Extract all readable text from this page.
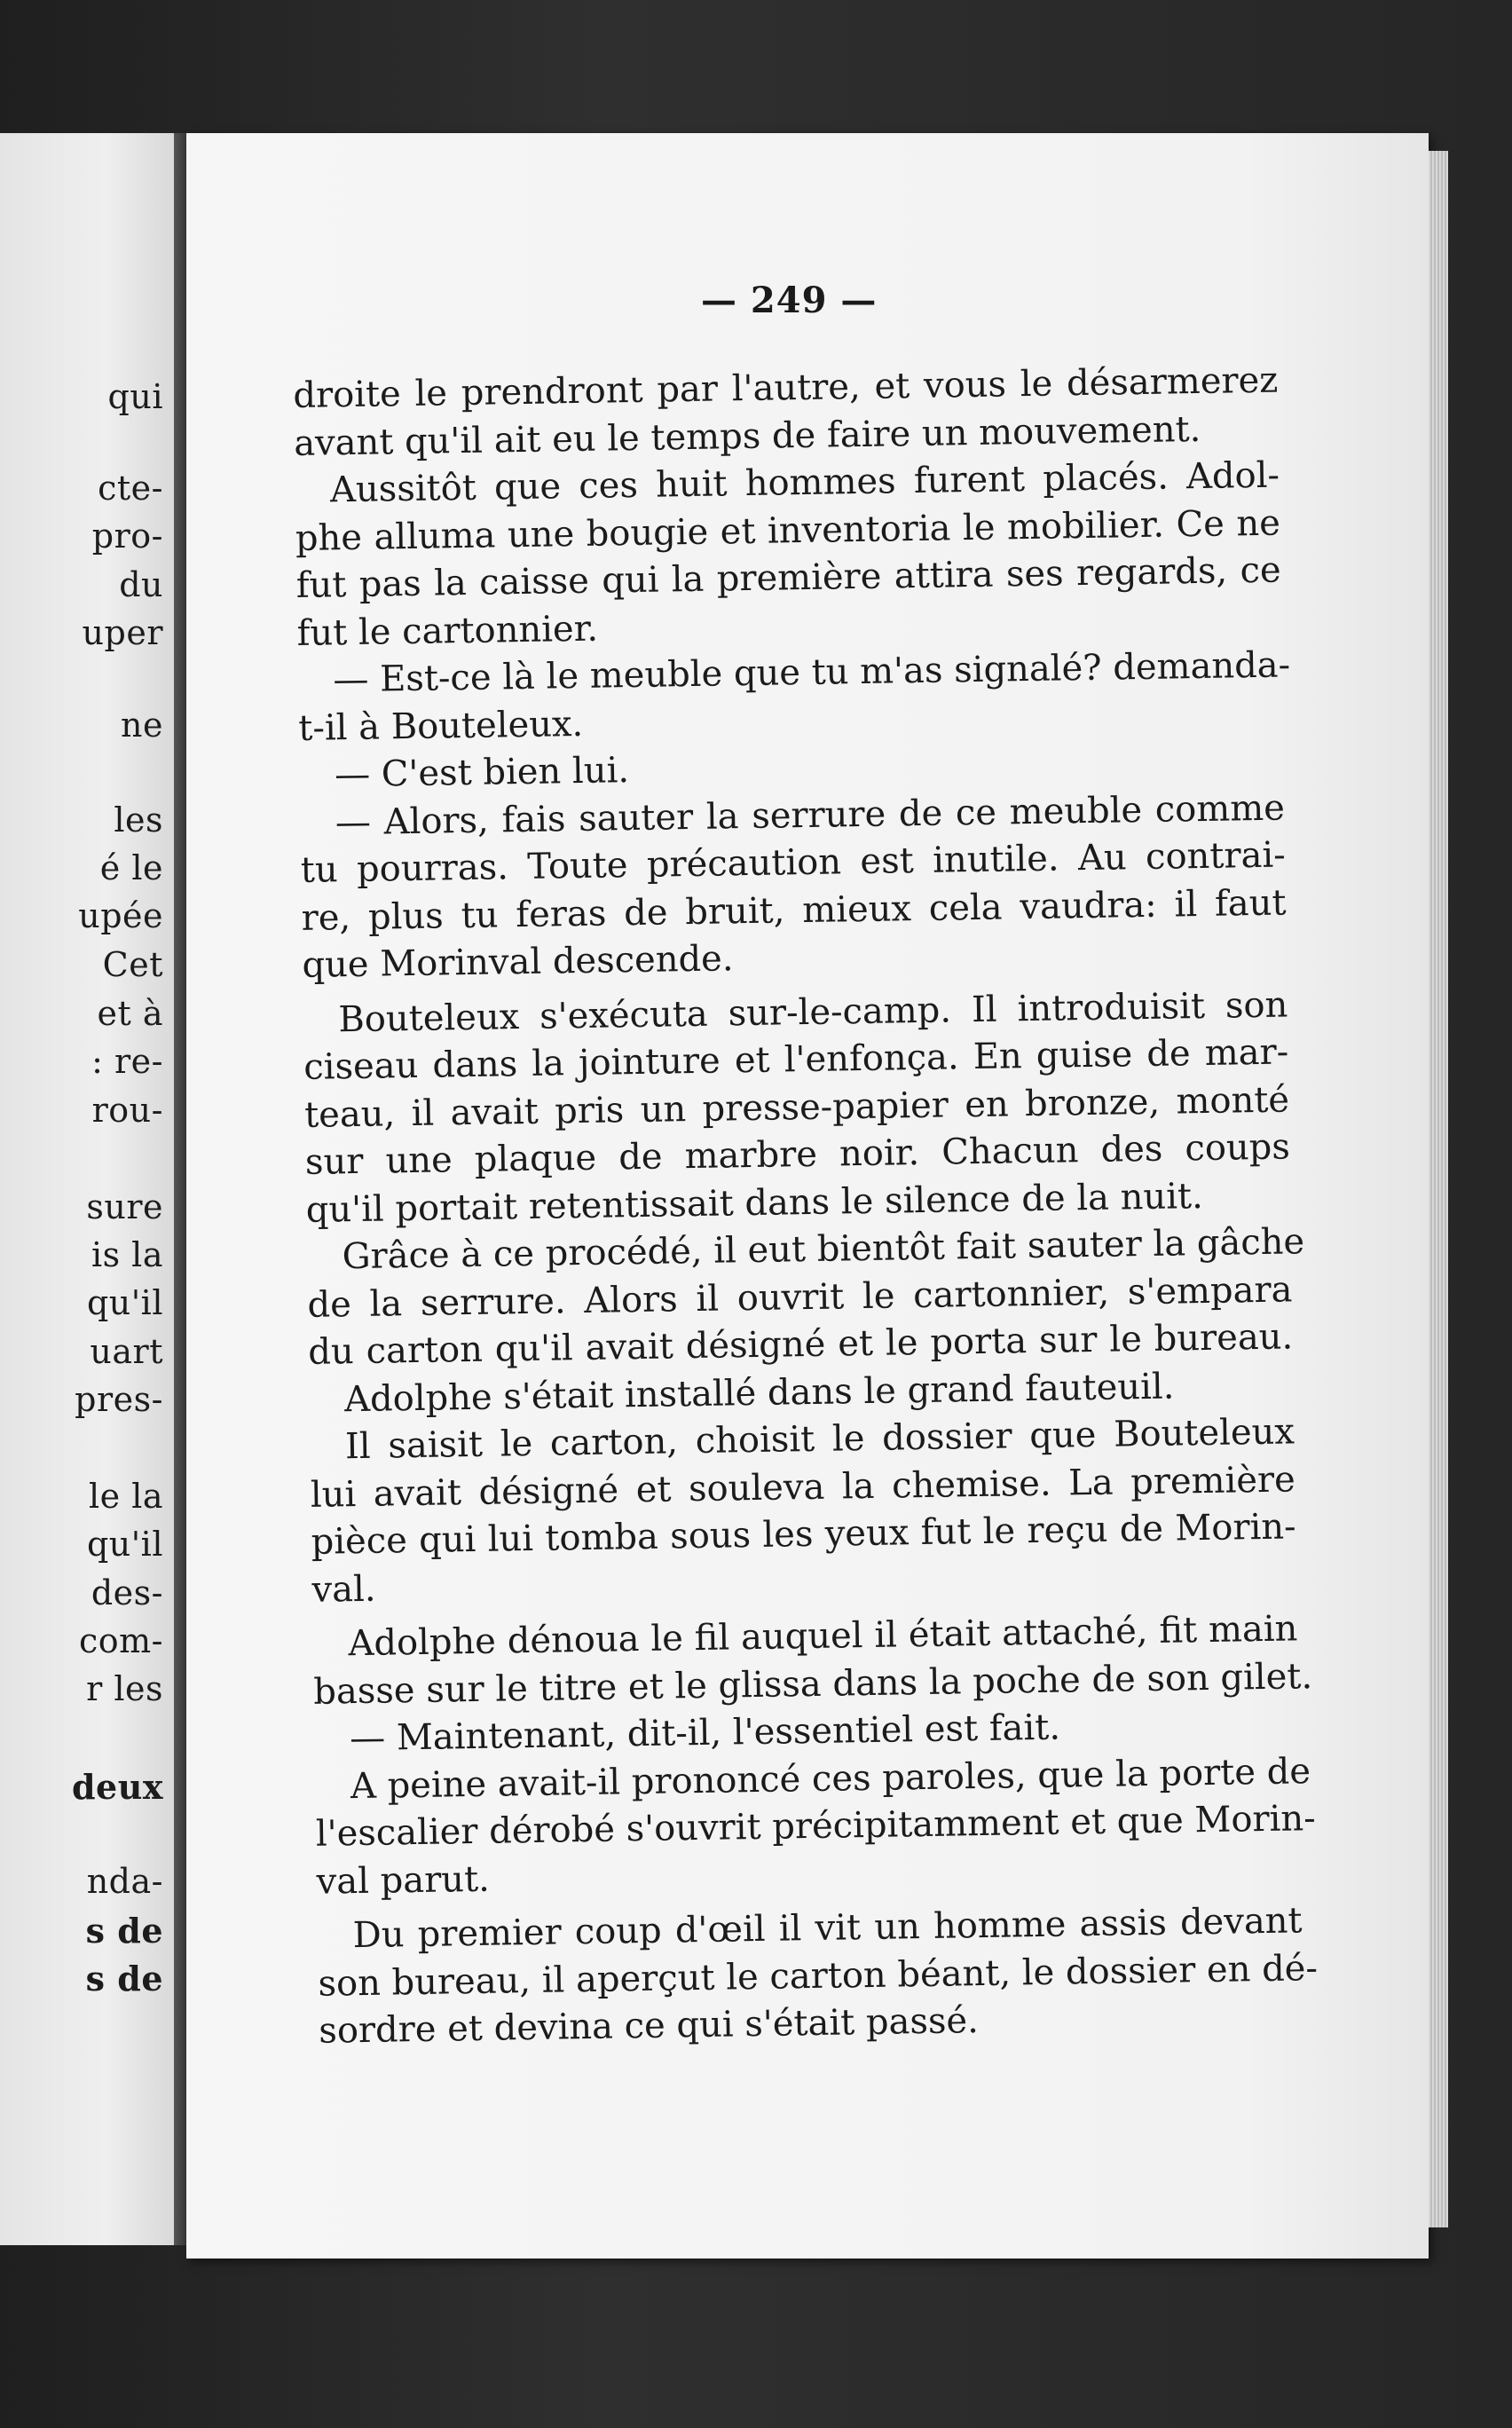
qui
cte-
pro-
du
uper
ne
les
é le
upée
Cet
et à
: re-
rou-
sure
is la
qu'il
uart
pres-
le la
qu'il
des-
com-
r les
deux
nda-
s de
s de
— 249 —
droite le prendront par l'autre, et vous le désarmerez
avant qu'il ait eu le temps de faire un mouvement.
Aussitôt que ces huit hommes furent placés. Adol-
phe alluma une bougie et inventoria le mobilier. Ce ne
fut pas la caisse qui la première attira ses regards, ce
fut le cartonnier.
— Est-ce là le meuble que tu m'as signalé? demanda-
t-il à Bouteleux.
— C'est bien lui.
— Alors, fais sauter la serrure de ce meuble comme
tu pourras. Toute précaution est inutile. Au contrai-
re, plus tu feras de bruit, mieux cela vaudra: il faut
que Morinval descende.
Bouteleux s'exécuta sur-le-camp. Il introduisit son
ciseau dans la jointure et l'enfonça. En guise de mar-
teau, il avait pris un presse-papier en bronze, monté
sur une plaque de marbre noir. Chacun des coups
qu'il portait retentissait dans le silence de la nuit.
Grâce à ce procédé, il eut bientôt fait sauter la gâche
de la serrure. Alors il ouvrit le cartonnier, s'empara
du carton qu'il avait désigné et le porta sur le bureau.
Adolphe s'était installé dans le grand fauteuil.
Il saisit le carton, choisit le dossier que Bouteleux
lui avait désigné et souleva la chemise. La première
pièce qui lui tomba sous les yeux fut le reçu de Morin-
val.
Adolphe dénoua le fil auquel il était attaché, fit main
basse sur le titre et le glissa dans la poche de son gilet.
— Maintenant, dit-il, l'essentiel est fait.
A peine avait-il prononcé ces paroles, que la porte de
l'escalier dérobé s'ouvrit précipitamment et que Morin-
val parut.
Du premier coup d'œil il vit un homme assis devant
son bureau, il aperçut le carton béant, le dossier en dé-
sordre et devina ce qui s'était passé.
